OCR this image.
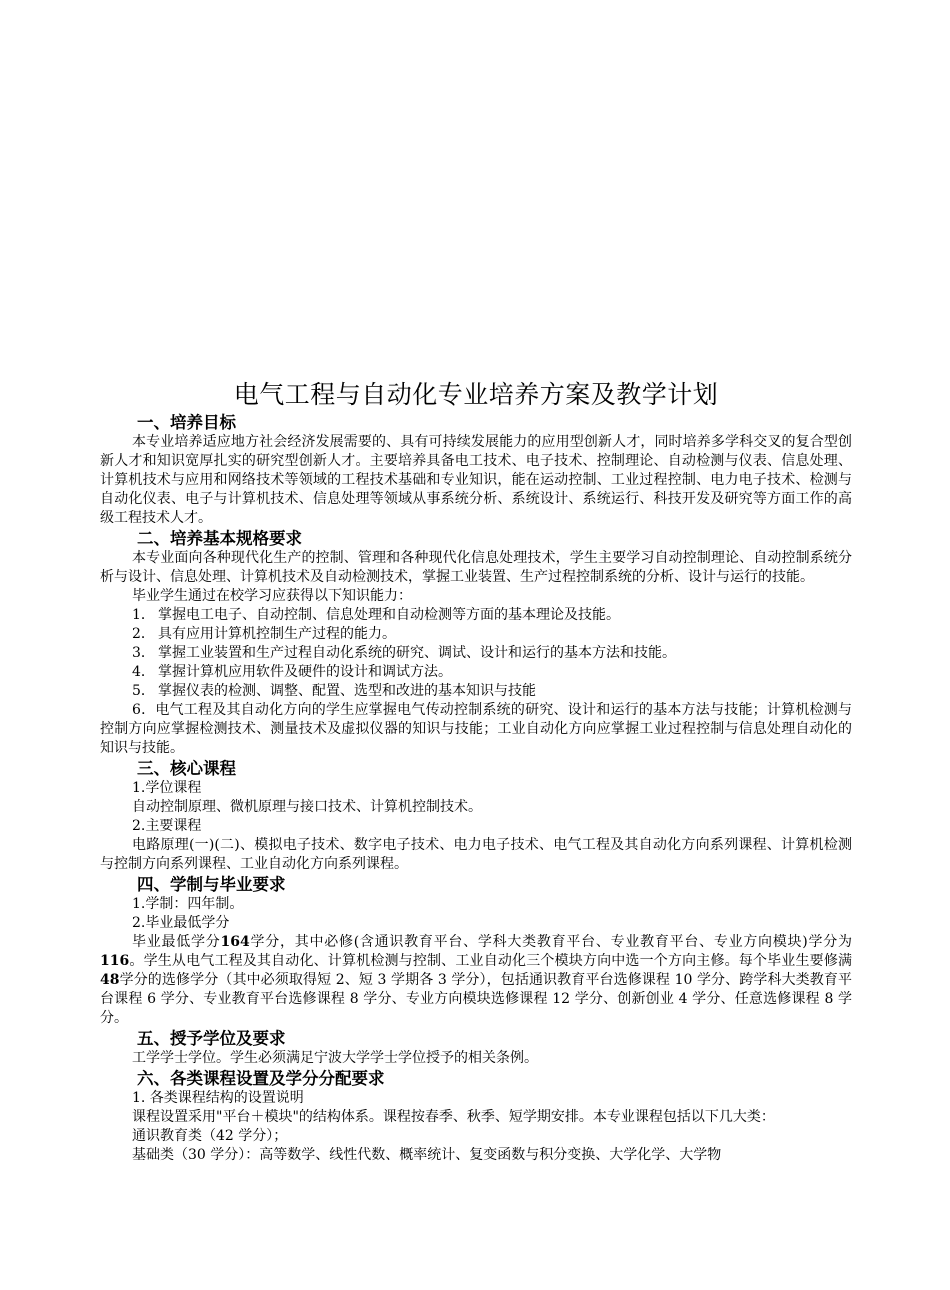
电气工程与自动化专业培养方案及教学计划
一、培养目标

本专业培养适应地方社会经济发展需要的、具有可持续发展能力的应用型创新人才，同时培养多学科交叉的复合型创新人才和知识宽厚扎实的研究型创新人才。主要培养具备电工技术、电子技术、控制理论、自动检测与仪表、信息处理、计算机技术与应用和网络技术等领域的工程技术基础和专业知识，能在运动控制、工业过程控制、电力电子技术、检测与自动化仪表、电子与计算机技术、信息处理等领域从事系统分析、系统设计、系统运行、科技开发及研究等方面工作的高级工程技术人才。

二、培养基本规格要求

本专业面向各种现代化生产的控制、管理和各种现代化信息处理技术，学生主要学习自动控制理论、自动控制系统分析与设计、信息处理、计算机技术及自动检测技术，掌握工业装置、生产过程控制系统的分析、设计与运行的技能。

毕业学生通过在校学习应获得以下知识能力：

1． 掌握电工电子、自动控制、信息处理和自动检测等方面的基本理论及技能。

2． 具有应用计算机控制生产过程的能力。

3． 掌握工业装置和生产过程自动化系统的研究、调试、设计和运行的基本方法和技能。

4． 掌握计算机应用软件及硬件的设计和调试方法。

5． 掌握仪表的检测、调整、配置、选型和改进的基本知识与技能

6．电气工程及其自动化方向的学生应掌握电气传动控制系统的研究、设计和运行的基本方法与技能；计算机检测与控制方向应掌握检测技术、测量技术及虚拟仪器的知识与技能；工业自动化方向应掌握工业过程控制与信息处理自动化的知识与技能。

三、核心课程

1.学位课程

自动控制原理、微机原理与接口技术、计算机控制技术。

2.主要课程

电路原理(一)(二)、模拟电子技术、数字电子技术、电力电子技术、电气工程及其自动化方向系列课程、计算机检测与控制方向系列课程、工业自动化方向系列课程。

四、学制与毕业要求

1.学制：四年制。

2.毕业最低学分

毕业最低学分164学分，其中必修(含通识教育平台、学科大类教育平台、专业教育平台、专业方向模块)学分为116。学生从电气工程及其自动化、计算机检测与控制、工业自动化三个模块方向中选一个方向主修。每个毕业生要修满48学分的选修学分（其中必须取得短 2、短 3 学期各 3 学分），包括通识教育平台选修课程 10 学分、跨学科大类教育平台课程 6 学分、专业教育平台选修课程 8 学分、专业方向模块选修课程 12 学分、创新创业 4 学分、任意选修课程 8 学分。

五、授予学位及要求

工学学士学位。学生必须满足宁波大学学士学位授予的相关条例。

六、各类课程设置及学分分配要求

1. 各类课程结构的设置说明

课程设置采用"平台＋模块"的结构体系。课程按春季、秋季、短学期安排。本专业课程包括以下几大类：

通识教育类（42 学分）；

基础类（30 学分）：高等数学、线性代数、概率统计、复变函数与积分变换、大学化学、大学物
